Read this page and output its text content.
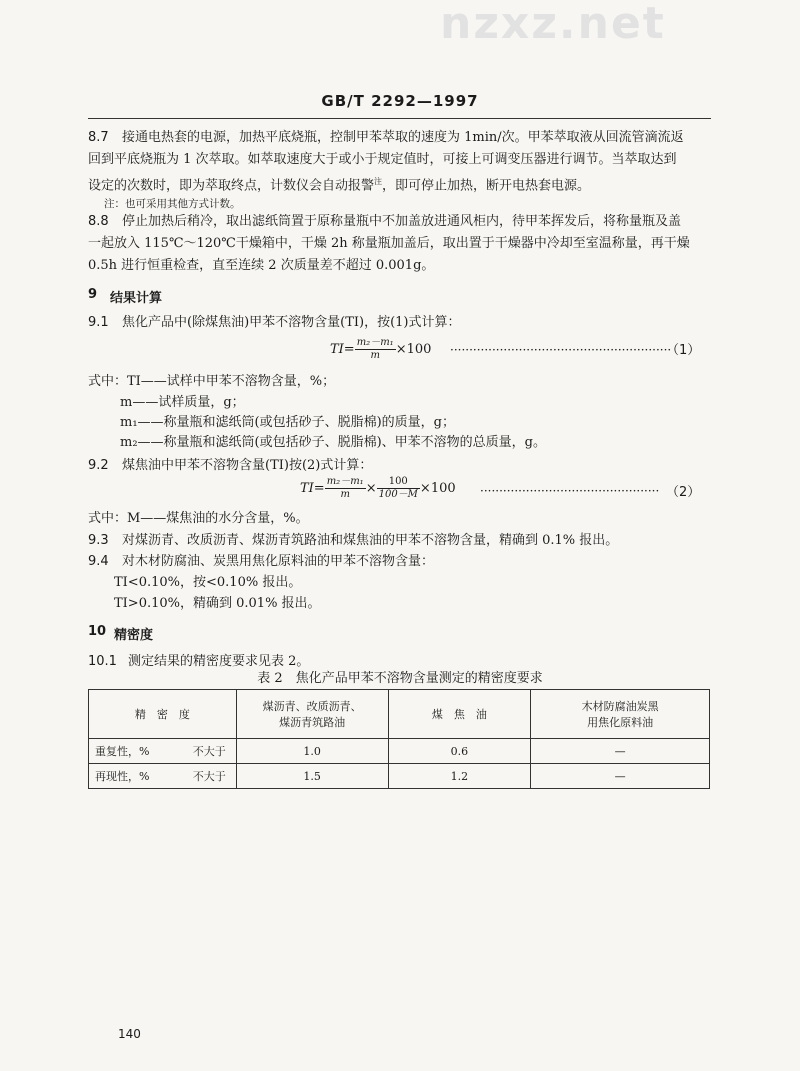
nzxz.net
GB/T 2292—1997
8.7 接通电热套的电源，加热平底烧瓶，控制甲苯萃取的速度为 1min/次。甲苯萃取液从回流管滴流返
回到平底烧瓶为 1 次萃取。如萃取速度大于或小于规定值时，可接上可调变压器进行调节。当萃取达到
设定的次数时，即为萃取终点，计数仪会自动报警$^注$，即可停止加热，断开电热套电源。
注：也可采用其他方式计数。
8.8 停止加热后稍冷，取出滤纸筒置于原称量瓶中不加盖放进通风柜内，待甲苯挥发后，将称量瓶及盖
一起放入 115℃～120℃干燥箱中，干燥 2h 称量瓶加盖后，取出置于干燥器中冷却至室温称量，再干燥
0.5h 进行恒重检查，直至连续 2 次质量差不超过 0.001g。
9 结果计算
9.1 焦化产品中(除煤焦油)甲苯不溶物含量(TI)，按(1)式计算：
$TI= \frac{\text{m₂－m₁}}{m} \times 100$ ··························································
（1）
式中：TI——试样中甲苯不溶物含量，%；
m——试样质量，g；
m₁——称量瓶和滤纸筒(或包括砂子、脱脂棉)的质量，g；
m₂——称量瓶和滤纸筒(或包括砂子、脱脂棉)、甲苯不溶物的总质量，g。
9.2 煤焦油中甲苯不溶物含量(TI)按(2)式计算：
$TI= \frac{\text{m₂－m₁}}{m} \times \frac{100}{100-M} \times 100$ ··············································· （2）
式中：M——煤焦油的水分含量，%。
9.3 对煤沥青、改质沥青、煤沥青筑路油和煤焦油的甲苯不溶物含量，精确到 0.1% 报出。
9.4 对木材防腐油、炭黑用焦化原料油的甲苯不溶物含量：
TI<0.10%，按<0.10% 报出。
TI>0.10%，精确到 0.01% 报出。
10 精密度
10.1 测定结果的精密度要求见表 2。
表 2　焦化产品甲苯不溶物含量测定的精密度要求
精　密　度	煤沥青、改质沥青、
煤沥青筑路油	煤　焦　油	木材防腐油炭黑
用焦化原料油
重复性，% 不大于	1.0	0.6	—
再现性，% 不大于	1.5	1.2	—
140
